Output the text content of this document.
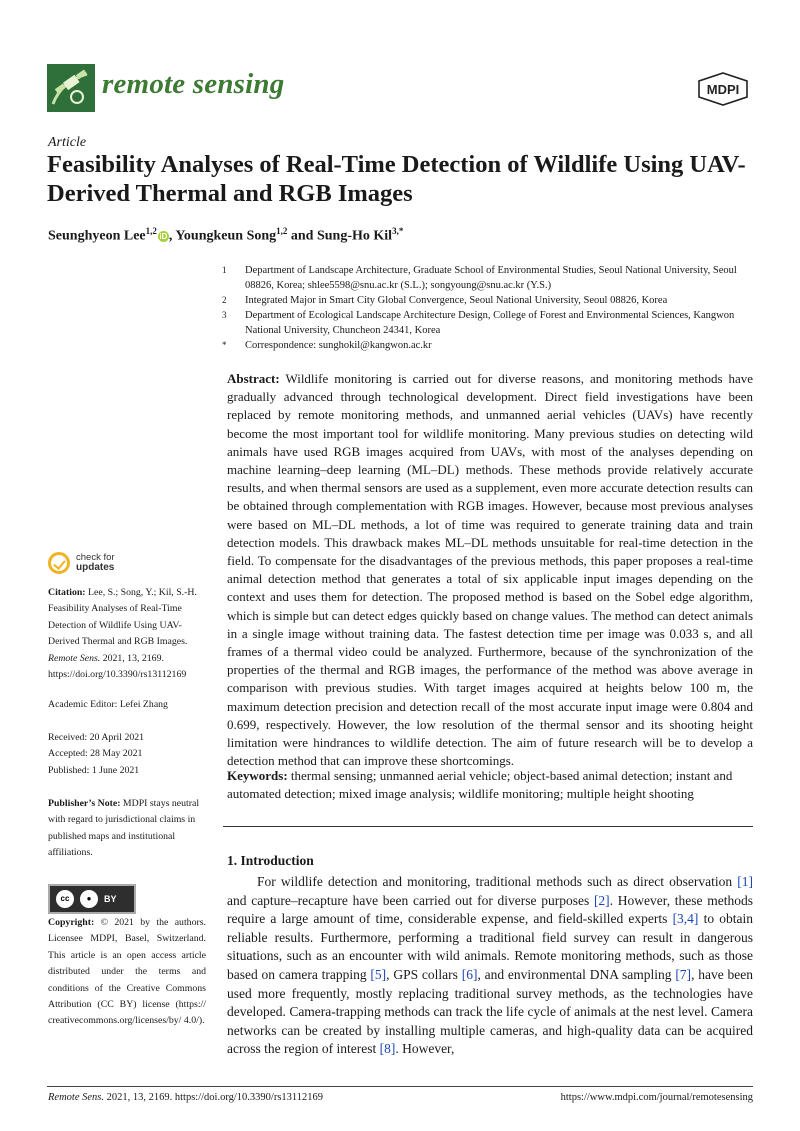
remote sensing	MDPI
Article
Feasibility Analyses of Real-Time Detection of Wildlife Using UAV-Derived Thermal and RGB Images
Seunghyeon Lee$^{1,2}$iD , Youngkeun Song$^{1,2}$ and Sung-Ho Kil$^{3,*}$
1	Department of Landscape Architecture, Graduate School of Environmental Studies, Seoul National University, Seoul 08826, Korea; shlee5598@snu.ac.kr (S.L.); songyoung@snu.ac.kr (Y.S.)
2	Integrated Major in Smart City Global Convergence, Seoul National University, Seoul 08826, Korea
3	Department of Ecological Landscape Architecture Design, College of Forest and Environmental Sciences, Kangwon National University, Chuncheon 24341, Korea
*	Correspondence: sunghokil@kangwon.ac.kr
Abstract: Wildlife monitoring is carried out for diverse reasons, and monitoring methods have gradually advanced through technological development. Direct field investigations have been replaced by remote monitoring methods, and unmanned aerial vehicles (UAVs) have recently become the most important tool for wildlife monitoring. Many previous studies on detecting wild animals have used RGB images acquired from UAVs, with most of the analyses depending on machine learning–deep learning (ML–DL) methods. These methods provide relatively accurate results, and when thermal sensors are used as a supplement, even more accurate detection results can be obtained through complementation with RGB images. However, because most previous analyses were based on ML–DL methods, a lot of time was required to generate training data and train detection models. This drawback makes ML–DL methods unsuitable for real-time detection in the field. To compensate for the disadvantages of the previous methods, this paper proposes a real-time animal detection method that generates a total of six applicable input images depending on the context and uses them for detection. The proposed method is based on the Sobel edge algorithm, which is simple but can detect edges quickly based on change values. The method can detect animals in a single image without training data. The fastest detection time per image was 0.033 s, and all frames of a thermal video could be analyzed. Furthermore, because of the synchronization of the properties of the thermal and RGB images, the performance of the method was above average in comparison with previous studies. With target images acquired at heights below 100 m, the maximum detection precision and detection recall of the most accurate input image were 0.804 and 0.699, respectively. However, the low resolution of the thermal sensor and its shooting height limitation were hindrances to wildlife detection. The aim of future research will be to develop a detection method that can improve these shortcomings.
Keywords: thermal sensing; unmanned aerial vehicle; object-based animal detection; instant and automated detection; mixed image analysis; wildlife monitoring; multiple height shooting
check for
updates
Citation: Lee, S.; Song, Y.; Kil, S.-H. Feasibility Analyses of Real-Time Detection of Wildlife Using UAV-Derived Thermal and RGB Images. Remote Sens. 2021, 13, 2169. https://doi.org/10.3390/rs13112169
Academic Editor: Lefei Zhang
Received: 20 April 2021
Accepted: 28 May 2021
Published: 1 June 2021
Publisher’s Note: MDPI stays neutral with regard to jurisdictional claims in published maps and institutional affiliations.
cc	●	BY
Copyright: © 2021 by the authors. Licensee MDPI, Basel, Switzerland. This article is an open access article distributed under the terms and conditions of the Creative Commons Attribution (CC BY) license (https:// creativecommons.org/licenses/by/ 4.0/).
1. Introduction
For wildlife detection and monitoring, traditional methods such as direct observation [1] and capture–recapture have been carried out for diverse purposes [2]. However, these methods require a large amount of time, considerable expense, and field-skilled experts [3,4] to obtain reliable results. Furthermore, performing a traditional field survey can result in dangerous situations, such as an encounter with wild animals. Remote monitoring methods, such as those based on camera trapping [5], GPS collars [6], and environmental DNA sampling [7], have been used more frequently, mostly replacing traditional survey methods, as the technologies have developed. Camera-trapping methods can track the life cycle of animals at the nest level. Camera networks can be created by installing multiple cameras, and high-quality data can be acquired across the region of interest [8]. However,
Remote Sens. 2021, 13, 2169. https://doi.org/10.3390/rs13112169	https://www.mdpi.com/journal/remotesensing
